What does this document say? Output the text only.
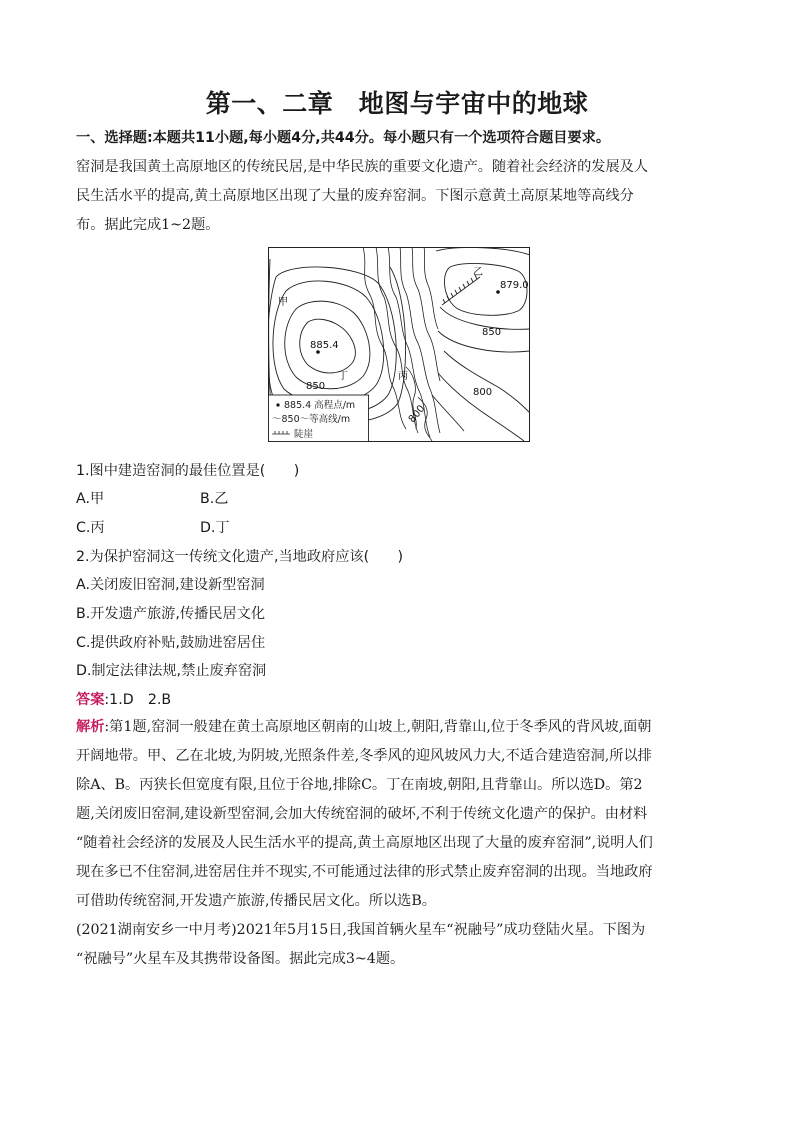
第一、二章　地图与宇宙中的地球
一、选择题:本题共11小题,每小题4分,共44分。每小题只有一个选项符合题目要求。
窑洞是我国黄土高原地区的传统民居,是中华民族的重要文化遗产。随着社会经济的发展及人
民生活水平的提高,黄土高原地区出现了大量的废弃窑洞。下图示意黄土高原某地等高线分
布。据此完成1~2题。
甲
乙
丙
丁
885.4
879.0
850
850
800
800
885.4 高程点/m
～850～等高线/m
陡崖
1.图中建造窑洞的最佳位置是(　　)
A.甲	B.乙
C.丙	D.丁
2.为保护窑洞这一传统文化遗产,当地政府应该(　　)
A.关闭废旧窑洞,建设新型窑洞
B.开发遗产旅游,传播民居文化
C.提供政府补贴,鼓励进窑居住
D.制定法律法规,禁止废弃窑洞
答案:1.D　2.B
解析:第1题,窑洞一般建在黄土高原地区朝南的山坡上,朝阳,背靠山,位于冬季风的背风坡,面朝
开阔地带。甲、乙在北坡,为阴坡,光照条件差,冬季风的迎风坡风力大,不适合建造窑洞,所以排
除A、B。丙狭长但宽度有限,且位于谷地,排除C。丁在南坡,朝阳,且背靠山。所以选D。第2
题,关闭废旧窑洞,建设新型窑洞,会加大传统窑洞的破坏,不利于传统文化遗产的保护。由材料
“随着社会经济的发展及人民生活水平的提高,黄土高原地区出现了大量的废弃窑洞”,说明人们
现在多已不住窑洞,进窑居住并不现实,不可能通过法律的形式禁止废弃窑洞的出现。当地政府
可借助传统窑洞,开发遗产旅游,传播民居文化。所以选B。
(2021湖南安乡一中月考)2021年5月15日,我国首辆火星车“祝融号”成功登陆火星。下图为
“祝融号”火星车及其携带设备图。据此完成3~4题。
